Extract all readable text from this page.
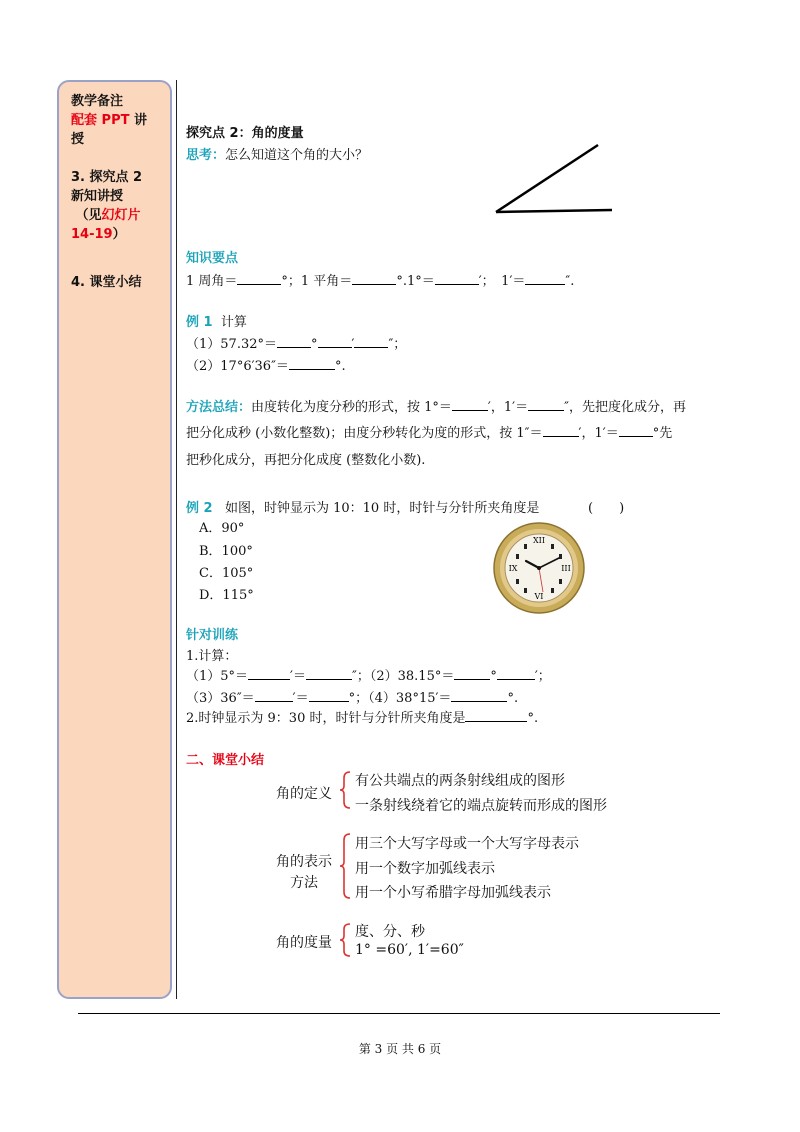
教学备注

配套 PPT 讲

授

3. 探究点 2

新知讲授

（见幻灯片

14-19）

4. 课堂小结

探究点 2：角的度量
思考：怎么知道这个角的大小？
知识要点
1 周角＝	°；1 平角＝	°.1°＝	′；　1′＝	″.
例 1 计算
（1）57.32°＝	°	′	″；
（2）17°6′36″＝	°.
方法总结：由度转化为度分秒的形式，按 1°＝	′，1′＝	″，先把度化成分，再
把分化成秒 (小数化整数)；由度分秒转化为度的形式，按 1″＝	′，1′＝	°先
把秒化成分，再把分化成度 (整数化小数).
例 2 如图，时钟显示为 10：10 时，时针与分针所夹角度是	(　　)
A．90°
B．100°
C．105°
D．115°
XII
III
VI
IX
针对训练
1.计算：
（1）5°＝	′＝	″；（2）38.15°＝	°	′；
（3）36″＝	′＝	°；（4）38°15′＝	°.
2.时钟显示为 9：30 时，时针与分针所夹角度是	°.
二、课堂小结
角的定义
有公共端点的两条射线组成的图形
一条射线绕着它的端点旋转而形成的图形
角的表示
方法
用三个大写字母或一个大写字母表示
用一个数字加弧线表示
用一个小写希腊字母加弧线表示
角的度量
度、分、秒
1° =60′, 1′=60″
第 3 页 共 6 页
